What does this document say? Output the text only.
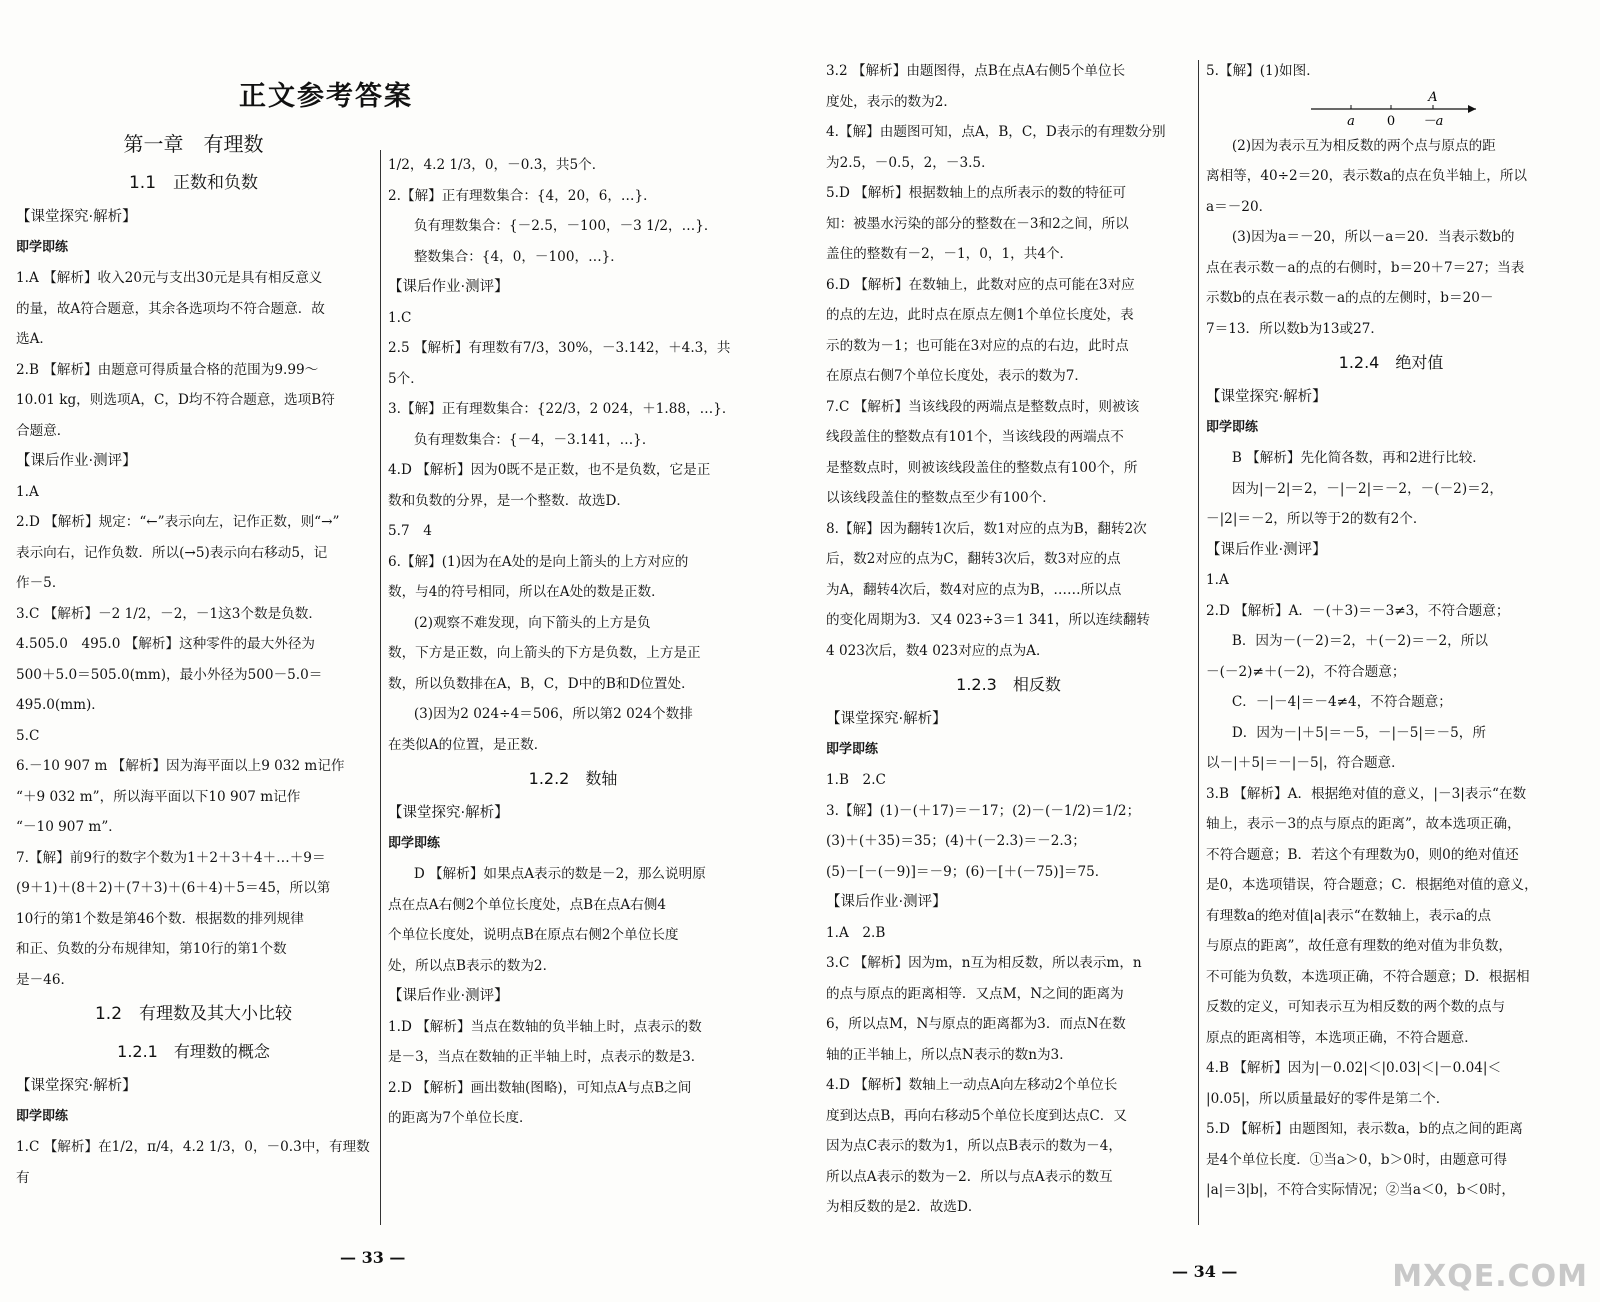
正文参考答案
第一章　有理数
1.1　正数和负数

【课堂探究·解析】

即学即练

1.A 【解析】收入20元与支出30元是具有相反意义

的量，故A符合题意，其余各选项均不符合题意．故

选A．

2.B 【解析】由题意可得质量合格的范围为9.99～

10.01 kg，则选项A，C，D均不符合题意，选项B符

合题意．

【课后作业·测评】

1.A

2.D 【解析】规定：“←”表示向左，记作正数，则“→”

表示向右，记作负数．所以(→5)表示向右移动5，记

作－5．

3.C 【解析】－2 1/2，－2，－1这3个数是负数．

4.505.0　495.0 【解析】这种零件的最大外径为

500＋5.0＝505.0(mm)，最小外径为500－5.0＝

495.0(mm)．

5.C

6.－10 907 m 【解析】因为海平面以上9 032 m记作

“＋9 032 m”，所以海平面以下10 907 m记作

“－10 907 m”．

7.【解】前9行的数字个数为1＋2＋3＋4＋…＋9＝

(9＋1)＋(8＋2)＋(7＋3)＋(6＋4)＋5＝45，所以第

10行的第1个数是第46个数．根据数的排列规律

和正、负数的分布规律知，第10行的第1个数

是－46．

1.2　有理数及其大小比较
1.2.1　有理数的概念

【课堂探究·解析】

即学即练

1.C 【解析】在1/2，π/4，4.2 1/3，0，－0.3̇中，有理数有

1/2，4.2 1/3，0，－0.3̇，共5个．

2.【解】正有理数集合：{4，20，6，…}．

负有理数集合：{－2.5，－100，－3 1/2，…}．

整数集合：{4，0，－100，…}．

【课后作业·测评】

1.C

2.5 【解析】有理数有7/3，30%，－3.142，＋4.3，共

5个．

3.【解】正有理数集合：{22/3，2 024，＋1.88，…}．

负有理数集合：{－4，－3.141，…}．

4.D 【解析】因为0既不是正数，也不是负数，它是正

数和负数的分界，是一个整数．故选D．

5.7　4

6.【解】(1)因为在A处的是向上箭头的上方对应的

数，与4的符号相同，所以在A处的数是正数．

(2)观察不难发现，向下箭头的上方是负

数，下方是正数，向上箭头的下方是负数，上方是正

数，所以负数排在A，B，C，D中的B和D位置处．

(3)因为2 024÷4＝506，所以第2 024个数排

在类似A的位置，是正数．

1.2.2　数轴

【课堂探究·解析】

即学即练

D 【解析】如果点A表示的数是－2，那么说明原

点在点A右侧2个单位长度处，点B在点A右侧4

个单位长度处，说明点B在原点右侧2个单位长度

处，所以点B表示的数为2．

【课后作业·测评】

1.D 【解析】当点在数轴的负半轴上时，点表示的数

是－3，当点在数轴的正半轴上时，点表示的数是3．

2.D 【解析】画出数轴(图略)，可知点A与点B之间

的距离为7个单位长度．

— 33 —

3.2 【解析】由题图得，点B在点A右侧5个单位长

度处，表示的数为2．

4.【解】由题图可知，点A，B，C，D表示的有理数分别

为2.5，－0.5，2，－3.5．

5.D 【解析】根据数轴上的点所表示的数的特征可

知：被墨水污染的部分的整数在－3和2之间，所以

盖住的整数有－2，－1，0，1，共4个．

6.D 【解析】在数轴上，此数对应的点可能在3对应

的点的左边，此时点在原点左侧1个单位长度处，表

示的数为－1；也可能在3对应的点的右边，此时点

在原点右侧7个单位长度处，表示的数为7．

7.C 【解析】当该线段的两端点是整数点时，则被该

线段盖住的整数点有101个，当该线段的两端点不

是整数点时，则被该线段盖住的整数点有100个，所

以该线段盖住的整数点至少有100个．

8.【解】因为翻转1次后，数1对应的点为B，翻转2次

后，数2对应的点为C，翻转3次后，数3对应的点

为A，翻转4次后，数4对应的点为B，……所以点

的变化周期为3．又4 023÷3＝1 341，所以连续翻转

4 023次后，数4 023对应的点为A．

1.2.3　相反数

【课堂探究·解析】

即学即练

1.B　2.C

3.【解】(1)－(＋17)＝－17；(2)－(－1/2)＝1/2；

(3)＋(＋35)＝35；(4)＋(－2.3)＝－2.3；

(5)－[－(－9)]＝－9；(6)－[＋(－75)]＝75．

【课后作业·测评】

1.A　2.B

3.C 【解析】因为m，n互为相反数，所以表示m，n

的点与原点的距离相等．又点M，N之间的距离为

6，所以点M，N与原点的距离都为3．而点N在数

轴的正半轴上，所以点N表示的数n为3．

4.D 【解析】数轴上一动点A向左移动2个单位长

度到达点B，再向右移动5个单位长度到达点C．又

因为点C表示的数为1，所以点B表示的数为－4，

所以点A表示的数为－2．所以与点A表示的数互

为相反数的是2．故选D．

5.【解】(1)如图．

a 0 －a
A

(2)因为表示互为相反数的两个点与原点的距

离相等，40÷2＝20，表示数a的点在负半轴上，所以

a＝－20．

(3)因为a＝－20，所以－a＝20．当表示数b的

点在表示数－a的点的右侧时，b＝20＋7＝27；当表

示数b的点在表示数－a的点的左侧时，b＝20－

7＝13．所以数b为13或27．

1.2.4　绝对值

【课堂探究·解析】

即学即练

B 【解析】先化简各数，再和2进行比较．

因为|－2|＝2，－|－2|＝－2，－(－2)＝2，

－|2|＝－2，所以等于2的数有2个．

【课后作业·测评】

1.A

2.D 【解析】A．－(＋3)＝－3≠3，不符合题意；

B．因为－(－2)＝2，＋(－2)＝－2，所以

－(－2)≠＋(－2)，不符合题意；

C．－|－4|＝－4≠4，不符合题意；

D．因为－|＋5|＝－5，－|－5|＝－5，所

以－|＋5|＝－|－5|，符合题意．

3.B 【解析】A．根据绝对值的意义，|－3|表示“在数

轴上，表示－3的点与原点的距离”，故本选项正确，

不符合题意；B．若这个有理数为0，则0的绝对值还

是0，本选项错误，符合题意；C．根据绝对值的意义，

有理数a的绝对值|a|表示“在数轴上，表示a的点

与原点的距离”，故任意有理数的绝对值为非负数，

不可能为负数，本选项正确，不符合题意；D．根据相

反数的定义，可知表示互为相反数的两个数的点与

原点的距离相等，本选项正确，不符合题意．

4.B 【解析】因为|－0.02|＜|0.03|＜|－0.04|＜

|0.05|，所以质量最好的零件是第二个．

5.D 【解析】由题图知，表示数a，b的点之间的距离

是4个单位长度．①当a＞0，b＞0时，由题意可得

|a|＝3|b|，不符合实际情况；②当a＜0，b＜0时，

— 34 —	MXQE.COM
